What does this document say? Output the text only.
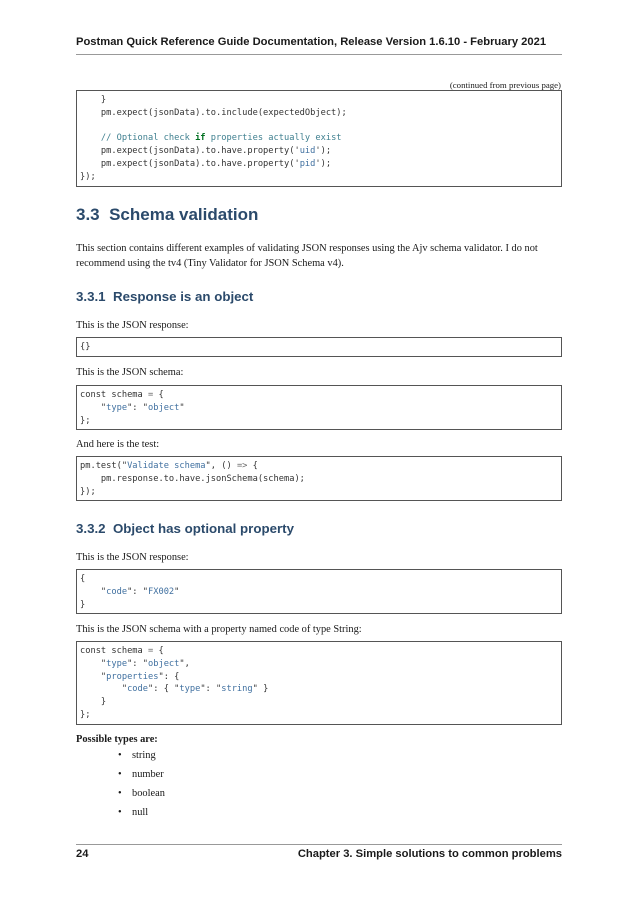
Postman Quick Reference Guide Documentation, Release Version 1.6.10 - February 2021
(continued from previous page)
}
pm.expect(jsonData).to.include(expectedObject);
// Optional check if properties actually exist
pm.expect(jsonData).to.have.property('uid');
pm.expect(jsonData).to.have.property('pid');
});
3.3 Schema validation
This section contains different examples of validating JSON responses using the Ajv schema validator. I do not recommend using the tv4 (Tiny Validator for JSON Schema v4).
3.3.1 Response is an object
This is the JSON response:
{}
This is the JSON schema:
const schema = {
"type": "object"
};
And here is the test:
pm.test("Validate schema", () => {
pm.response.to.have.jsonSchema(schema);
});
3.3.2 Object has optional property
This is the JSON response:
{
"code": "FX002"
}
This is the JSON schema with a property named code of type String:
const schema = {
"type": "object",
"properties": {
"code": { "type": "string" }
}
};
Possible types are:
• string
• number
• boolean
• null
24	Chapter 3. Simple solutions to common problems
